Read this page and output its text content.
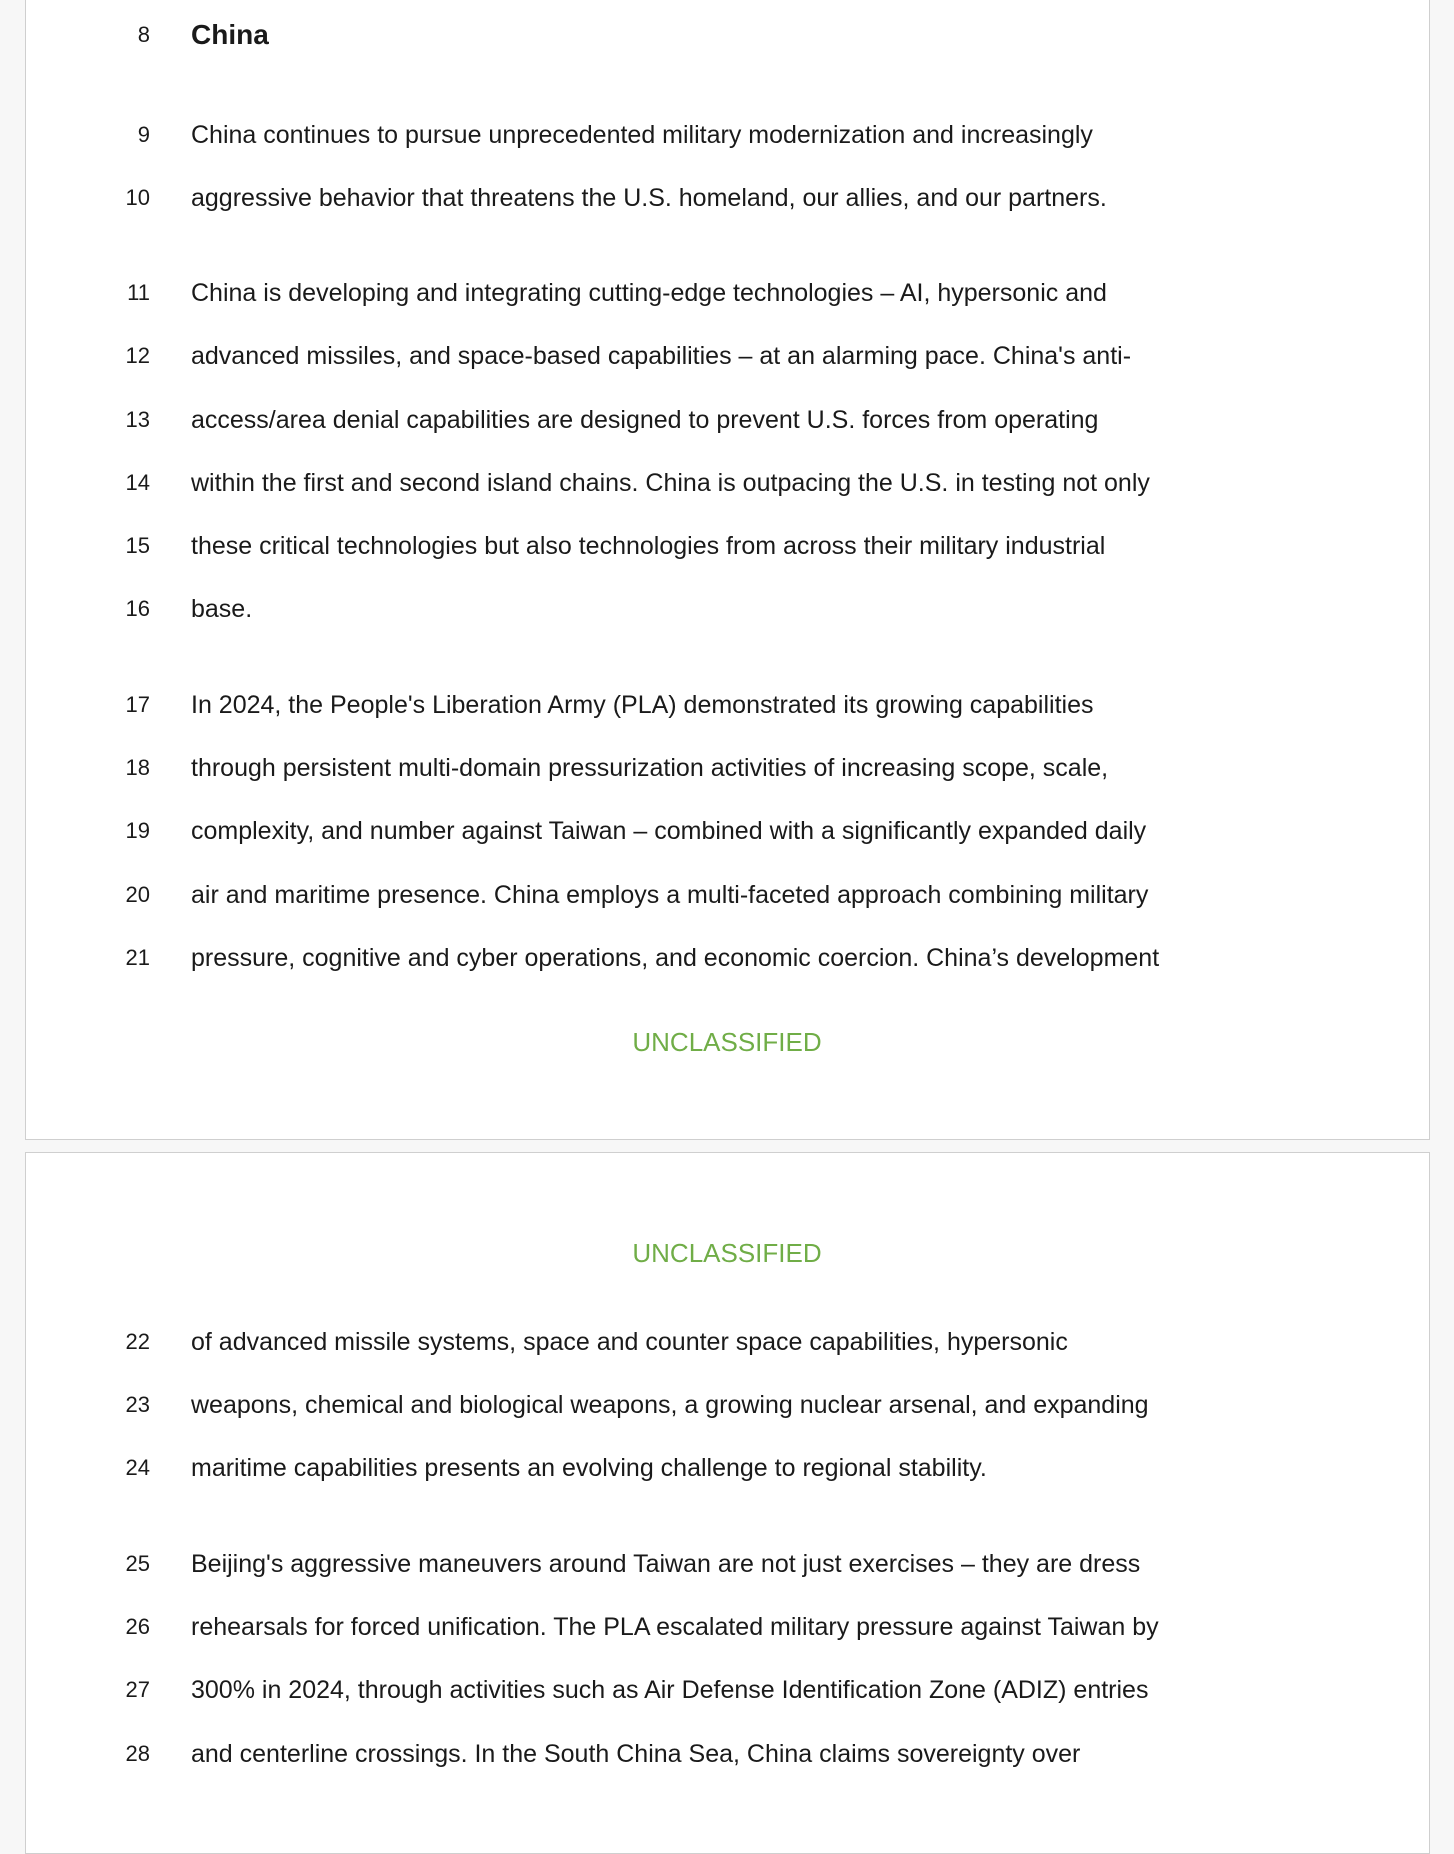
8 China
UNCLASSIFIED
UNCLASSIFIED
9 China continues to pursue unprecedented military modernization and increasingly
10 aggressive behavior that threatens the U.S. homeland, our allies, and our partners.
11 China is developing and integrating cutting-edge technologies – AI, hypersonic and
12 advanced missiles, and space-based capabilities – at an alarming pace. China's anti-
13 access/area denial capabilities are designed to prevent U.S. forces from operating
14 within the first and second island chains. China is outpacing the U.S. in testing not only
15 these critical technologies but also technologies from across their military industrial
16 base.
17 In 2024, the People's Liberation Army (PLA) demonstrated its growing capabilities
18 through persistent multi-domain pressurization activities of increasing scope, scale,
19 complexity, and number against Taiwan – combined with a significantly expanded daily
20 air and maritime presence. China employs a multi-faceted approach combining military
21 pressure, cognitive and cyber operations, and economic coercion. China’s development
22 of advanced missile systems, space and counter space capabilities, hypersonic
23 weapons, chemical and biological weapons, a growing nuclear arsenal, and expanding
24 maritime capabilities presents an evolving challenge to regional stability.
25 Beijing's aggressive maneuvers around Taiwan are not just exercises – they are dress
26 rehearsals for forced unification. The PLA escalated military pressure against Taiwan by
27 300% in 2024, through activities such as Air Defense Identification Zone (ADIZ) entries
28 and centerline crossings. In the South China Sea, China claims sovereignty over
